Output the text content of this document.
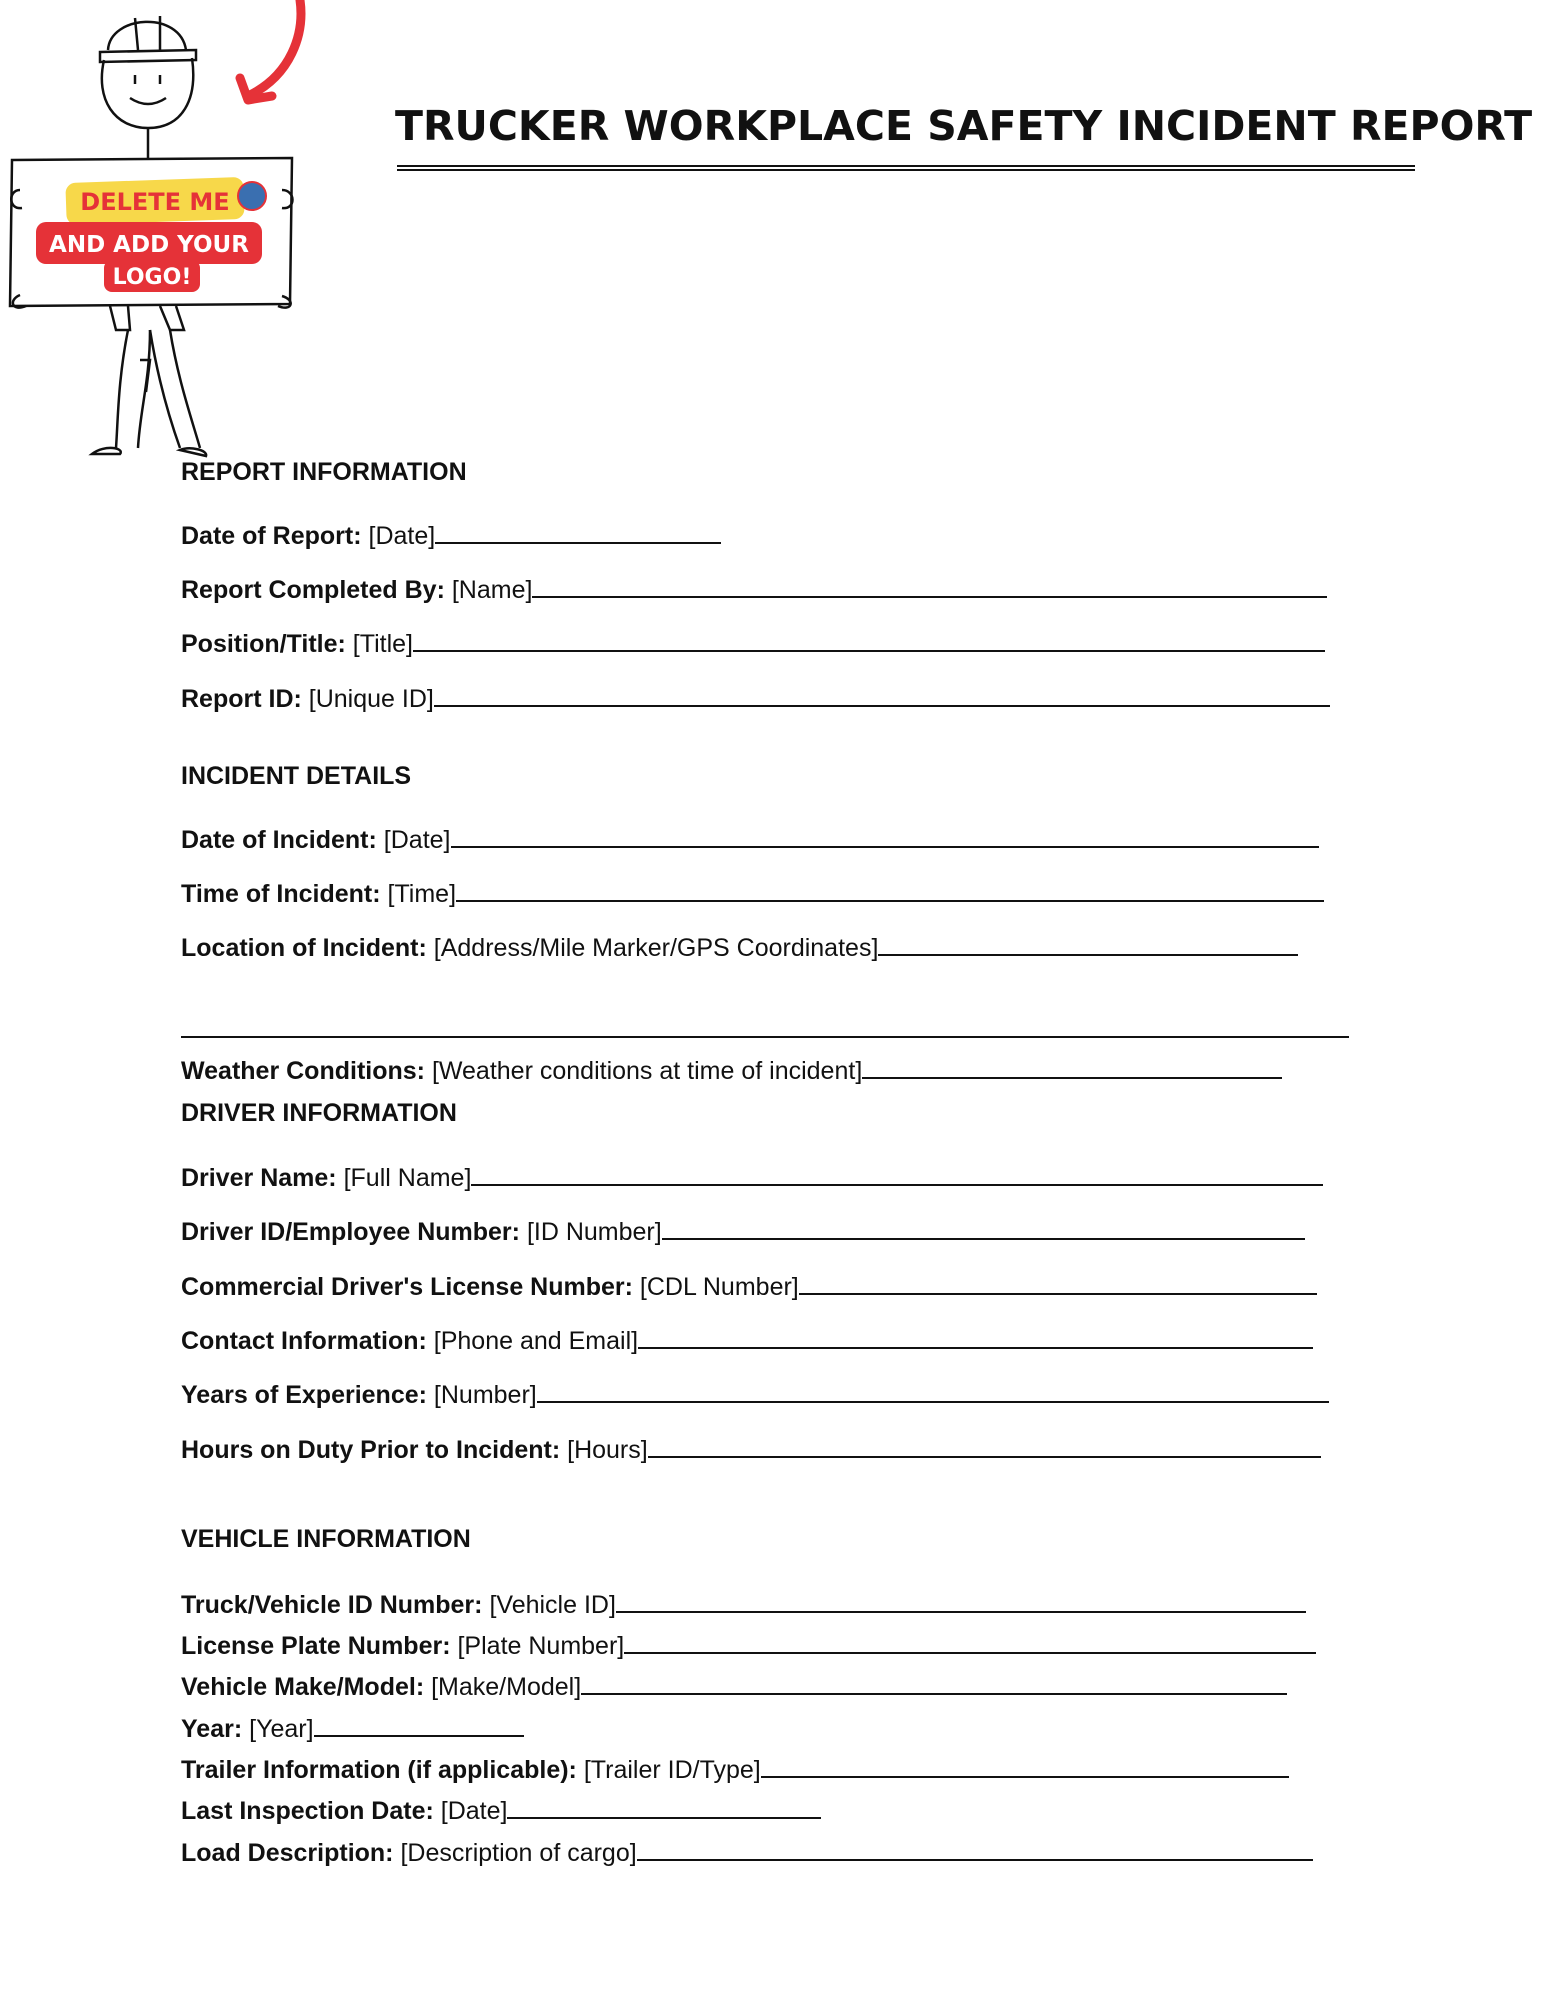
DELETE ME
AND ADD YOUR
LOGO!
TRUCKER WORKPLACE SAFETY INCIDENT REPORT
REPORT INFORMATION
Date of Report: [Date]
Report Completed By: [Name]
Position/Title: [Title]
Report ID: [Unique ID]
INCIDENT DETAILS
Date of Incident: [Date]
Time of Incident: [Time]
Location of Incident: [Address/Mile Marker/GPS Coordinates]
Weather Conditions: [Weather conditions at time of incident]
DRIVER INFORMATION
Driver Name: [Full Name]
Driver ID/Employee Number: [ID Number]
Commercial Driver's License Number: [CDL Number]
Contact Information: [Phone and Email]
Years of Experience: [Number]
Hours on Duty Prior to Incident: [Hours]
VEHICLE INFORMATION
Truck/Vehicle ID Number: [Vehicle ID]
License Plate Number: [Plate Number]
Vehicle Make/Model: [Make/Model]
Year: [Year]
Trailer Information (if applicable): [Trailer ID/Type]
Last Inspection Date: [Date]
Load Description: [Description of cargo]
